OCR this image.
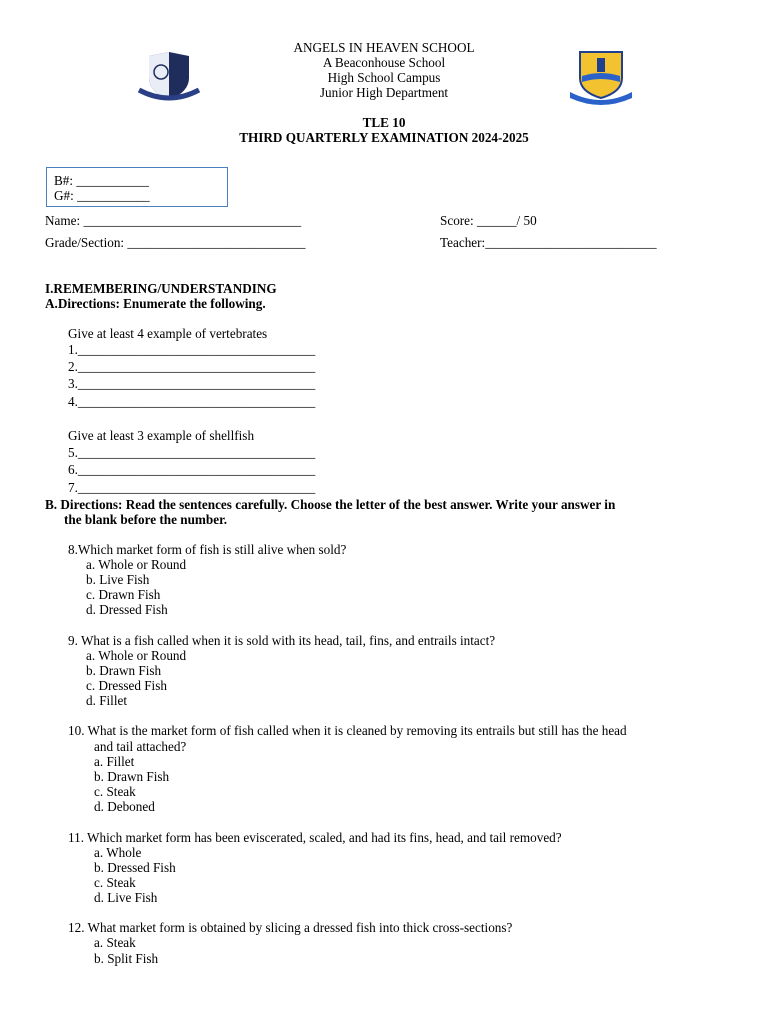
ANGELS IN HEAVEN SCHOOL
A Beaconhouse School
High School Campus
Junior High Department
TLE 10
THIRD QUARTERLY EXAMINATION 2024-2025
B#: ___________
G#: ___________
Name: _________________________________	Score: ______/ 50
Grade/Section: ___________________________	Teacher:__________________________
I.REMEMBERING/UNDERSTANDING
A.Directions: Enumerate the following.
Give at least 4 example of vertebrates
1.____________________________________
2.____________________________________
3.____________________________________
4.____________________________________
Give at least 3 example of shellfish
5.____________________________________
6.____________________________________
7.____________________________________
B. Directions: Read the sentences carefully. Choose the letter of the best answer. Write your answer in
the blank before the number.
8.Which market form of fish is still alive when sold?
a. Whole or Round
b. Live Fish
c. Drawn Fish
d. Dressed Fish
9. What is a fish called when it is sold with its head, tail, fins, and entrails intact?
a. Whole or Round
b. Drawn Fish
c. Dressed Fish
d. Fillet
10. What is the market form of fish called when it is cleaned by removing its entrails but still has the head
and tail attached?
a. Fillet
b. Drawn Fish
c. Steak
d. Deboned
11. Which market form has been eviscerated, scaled, and had its fins, head, and tail removed?
a. Whole
b. Dressed Fish
c. Steak
d. Live Fish
12. What market form is obtained by slicing a dressed fish into thick cross-sections?
a. Steak
b. Split Fish
